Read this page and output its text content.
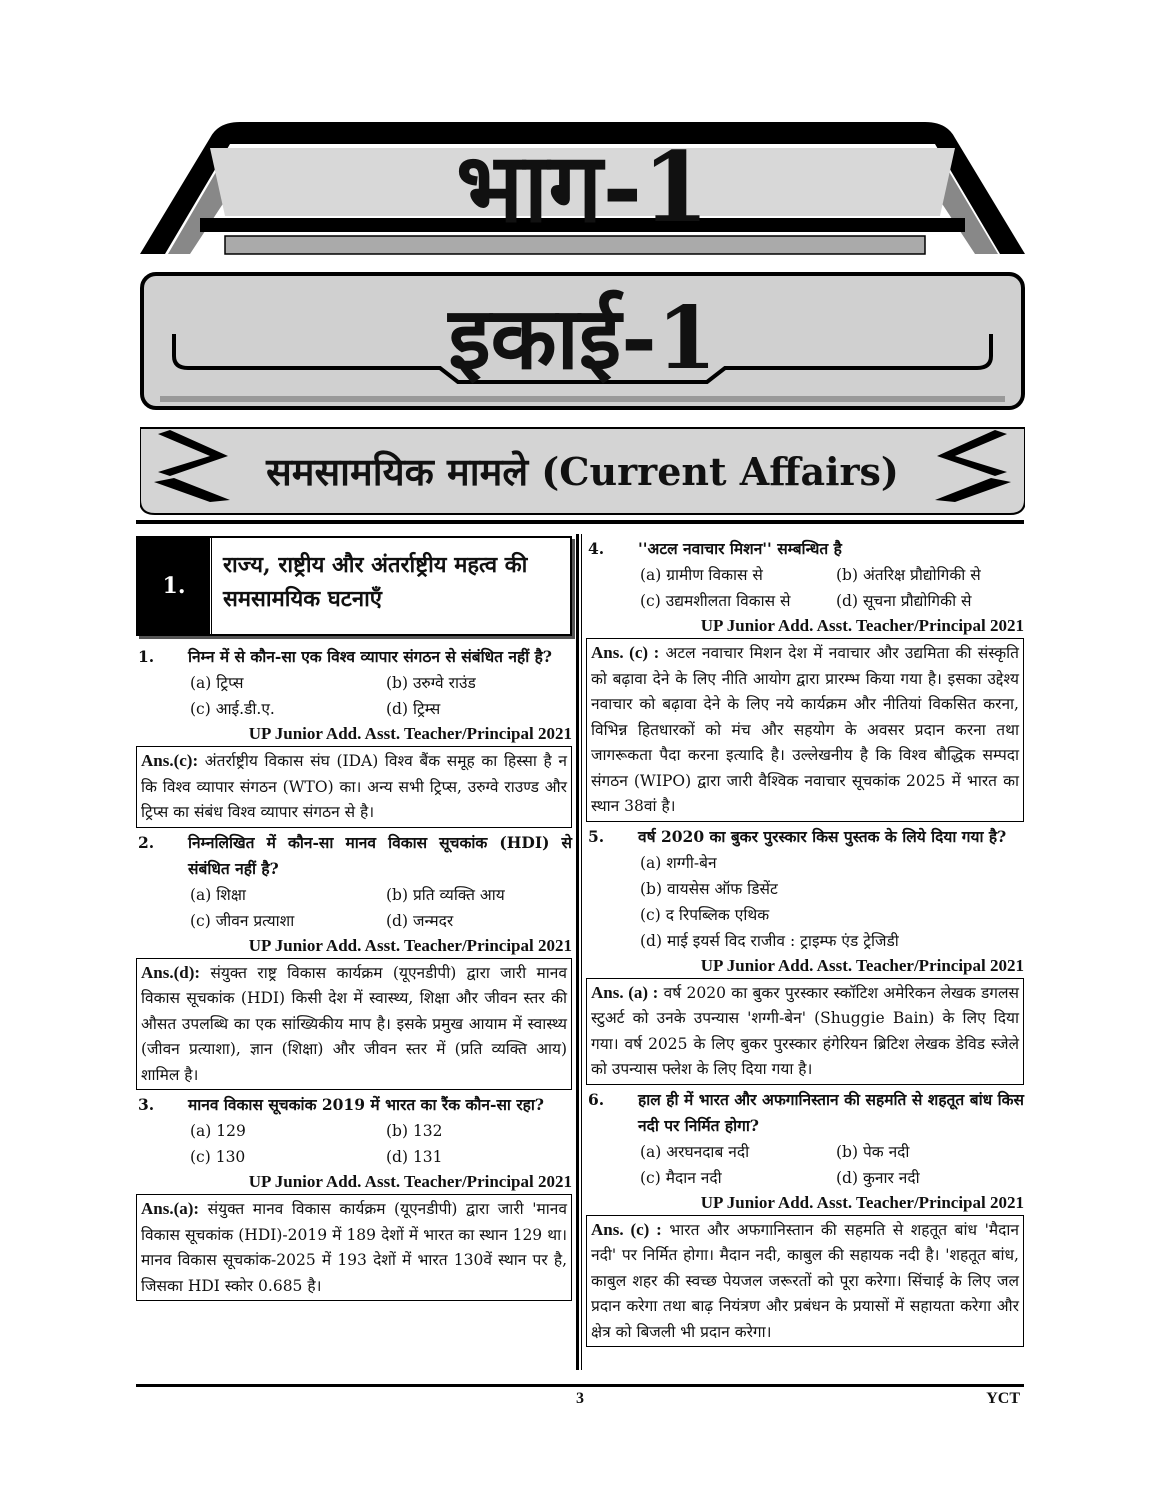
भाग-1
इकाई-1
समसामयिक मामले (Current Affairs)
1.
राज्य, राष्ट्रीय और अंतर्राष्ट्रीय महत्व की समसामयिक घटनाएँ
1.	निम्न में से कौन-सा एक विश्व व्यापार संगठन से संबंधित नहीं है?
(a) ट्रिप्स	(b) उरुग्वे राउंड
(c) आई.डी.ए.	(d) ट्रिम्स
UP Junior Add. Asst. Teacher/Principal 2021
Ans.(c): अंतर्राष्ट्रीय विकास संघ (IDA) विश्व बैंक समूह का हिस्सा है न कि विश्व व्यापार संगठन (WTO) का। अन्य सभी ट्रिप्स, उरुग्वे राउण्ड और ट्रिप्स का संबंध विश्व व्यापार संगठन से है।
2.	निम्नलिखित में कौन-सा मानव विकास सूचकांक (HDI) से संबंधित नहीं है?
(a) शिक्षा	(b) प्रति व्यक्ति आय
(c) जीवन प्रत्याशा	(d) जन्मदर
UP Junior Add. Asst. Teacher/Principal 2021
Ans.(d): संयुक्त राष्ट्र विकास कार्यक्रम (यूएनडीपी) द्वारा जारी मानव विकास सूचकांक (HDI) किसी देश में स्वास्थ्य, शिक्षा और जीवन स्तर की औसत उपलब्धि का एक सांख्यिकीय माप है। इसके प्रमुख आयाम में स्वास्थ्य (जीवन प्रत्याशा), ज्ञान (शिक्षा) और जीवन स्तर में (प्रति व्यक्ति आय) शामिल है।
3.	मानव विकास सूचकांक 2019 में भारत का रैंक कौन-सा रहा?
(a) 129	(b) 132
(c) 130	(d) 131
UP Junior Add. Asst. Teacher/Principal 2021
Ans.(a): संयुक्त मानव विकास कार्यक्रम (यूएनडीपी) द्वारा जारी 'मानव विकास सूचकांक (HDI)-2019 में 189 देशों में भारत का स्थान 129 था। मानव विकास सूचकांक-2025 में 193 देशों में भारत 130वें स्थान पर है, जिसका HDI स्कोर 0.685 है।
4.	''अटल नवाचार मिशन'' सम्बन्धित है
(a) ग्रामीण विकास से	(b) अंतरिक्ष प्रौद्योगिकी से
(c) उद्यमशीलता विकास से	(d) सूचना प्रौद्योगिकी से
UP Junior Add. Asst. Teacher/Principal 2021
Ans. (c) : अटल नवाचार मिशन देश में नवाचार और उद्यमिता की संस्कृति को बढ़ावा देने के लिए नीति आयोग द्वारा प्रारम्भ किया गया है। इसका उद्देश्य नवाचार को बढ़ावा देने के लिए नये कार्यक्रम और नीतियां विकसित करना, विभिन्न हितधारकों को मंच और सहयोग के अवसर प्रदान करना तथा जागरूकता पैदा करना इत्यादि है। उल्लेखनीय है कि विश्व बौद्धिक सम्पदा संगठन (WIPO) द्वारा जारी वैश्विक नवाचार सूचकांक 2025 में भारत का स्थान 38वां है।
5.	वर्ष 2020 का बुकर पुरस्कार किस पुस्तक के लिये दिया गया है?
(a) शग्गी-बेन
(b) वायसेस ऑफ डिसेंट
(c) द रिपब्लिक एथिक
(d) माई इयर्स विद राजीव : ट्राइम्फ एंड ट्रेजिडी
UP Junior Add. Asst. Teacher/Principal 2021
Ans. (a) : वर्ष 2020 का बुकर पुरस्कार स्कॉटिश अमेरिकन लेखक डगलस स्टुअर्ट को उनके उपन्यास 'शग्गी-बेन' (Shuggie Bain) के लिए दिया गया। वर्ष 2025 के लिए बुकर पुरस्कार हंगेरियन ब्रिटिश लेखक डेविड स्जेले को उपन्यास फ्लेश के लिए दिया गया है।
6.	हाल ही में भारत और अफगानिस्तान की सहमति से शहतूत बांध किस नदी पर निर्मित होगा?
(a) अरघनदाब नदी	(b) पेक नदी
(c) मैदान नदी	(d) कुनार नदी
UP Junior Add. Asst. Teacher/Principal 2021
Ans. (c) : भारत और अफगानिस्तान की सहमति से शहतूत बांध 'मैदान नदी' पर निर्मित होगा। मैदान नदी, काबुल की सहायक नदी है। 'शहतूत बांध, काबुल शहर की स्वच्छ पेयजल जरूरतों को पूरा करेगा। सिंचाई के लिए जल प्रदान करेगा तथा बाढ़ नियंत्रण और प्रबंधन के प्रयासों में सहायता करेगा और क्षेत्र को बिजली भी प्रदान करेगा।
3	YCT
